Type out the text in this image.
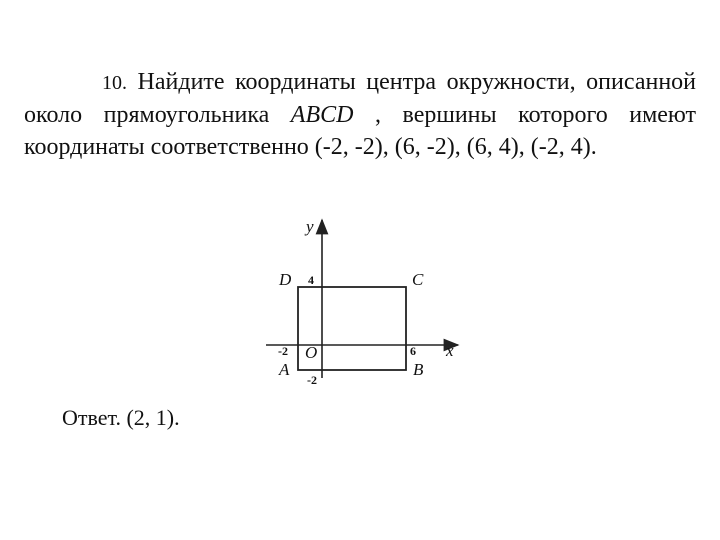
10. Найдите координаты центра окружности, описанной около прямоугольника ABCD , вершины которого имеют координаты соответственно (-2, -2), (6, -2), (6, 4), (-2, 4).
y
x
O
D	C
A	B
4
-2	6
-2
Ответ. (2, 1).
